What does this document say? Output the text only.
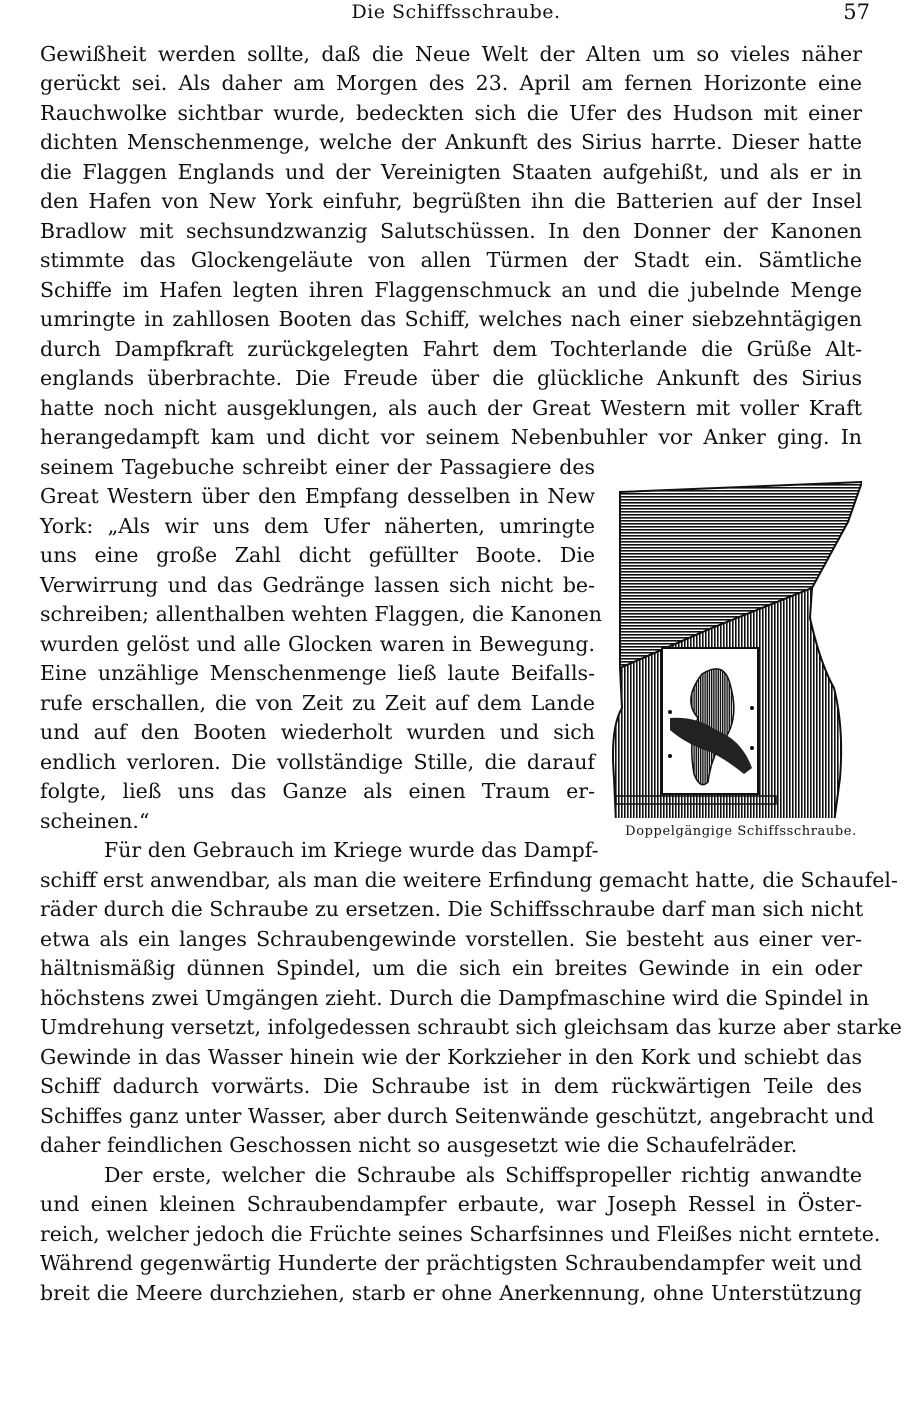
Die Schiffsschraube.	57
Gewißheit werden sollte, daß die Neue Welt der Alten um so vieles näher
gerückt sei. Als daher am Morgen des 23. April am fernen Horizonte eine
Rauchwolke sichtbar wurde, bedeckten sich die Ufer des Hudson mit einer
dichten Menschenmenge, welche der Ankunft des Sirius harrte. Dieser hatte
die Flaggen Englands und der Vereinigten Staaten aufgehißt, und als er in
den Hafen von New York einfuhr, begrüßten ihn die Batterien auf der Insel
Bradlow mit sechsundzwanzig Salutschüssen. In den Donner der Kanonen
stimmte das Glockengeläute von allen Türmen der Stadt ein. Sämtliche
Schiffe im Hafen legten ihren Flaggenschmuck an und die jubelnde Menge
umringte in zahllosen Booten das Schiff, welches nach einer siebzehntägigen
durch Dampfkraft zurückgelegten Fahrt dem Tochterlande die Grüße Alt-
englands überbrachte. Die Freude über die glückliche Ankunft des Sirius
hatte noch nicht ausgeklungen, als auch der Great Western mit voller Kraft
herangedampft kam und dicht vor seinem Nebenbuhler vor Anker ging. In
seinem Tagebuche schreibt einer der Passagiere des
Great Western über den Empfang desselben in New
York: „Als wir uns dem Ufer näherten, umringte
uns eine große Zahl dicht gefüllter Boote. Die
Verwirrung und das Gedränge lassen sich nicht be-
schreiben; allenthalben wehten Flaggen, die Kanonen
wurden gelöst und alle Glocken waren in Bewegung.
Eine unzählige Menschenmenge ließ laute Beifalls-
rufe erschallen, die von Zeit zu Zeit auf dem Lande
und auf den Booten wiederholt wurden und sich
endlich verloren. Die vollständige Stille, die darauf
folgte, ließ uns das Ganze als einen Traum er-
scheinen.“
Für den Gebrauch im Kriege wurde das Dampf-
Doppelgängige Schiffsschraube.
schiff erst anwendbar, als man die weitere Erfindung gemacht hatte, die Schaufel-
räder durch die Schraube zu ersetzen. Die Schiffsschraube darf man sich nicht
etwa als ein langes Schraubengewinde vorstellen. Sie besteht aus einer ver-
hältnismäßig dünnen Spindel, um die sich ein breites Gewinde in ein oder
höchstens zwei Umgängen zieht. Durch die Dampfmaschine wird die Spindel in
Umdrehung versetzt, infolgedessen schraubt sich gleichsam das kurze aber starke
Gewinde in das Wasser hinein wie der Korkzieher in den Kork und schiebt das
Schiff dadurch vorwärts. Die Schraube ist in dem rückwärtigen Teile des
Schiffes ganz unter Wasser, aber durch Seitenwände geschützt, angebracht und
daher feindlichen Geschossen nicht so ausgesetzt wie die Schaufelräder.
Der erste, welcher die Schraube als Schiffspropeller richtig anwandte
und einen kleinen Schraubendampfer erbaute, war Joseph Ressel in Öster-
reich, welcher jedoch die Früchte seines Scharfsinnes und Fleißes nicht erntete.
Während gegenwärtig Hunderte der prächtigsten Schraubendampfer weit und
breit die Meere durchziehen, starb er ohne Anerkennung, ohne Unterstützung
